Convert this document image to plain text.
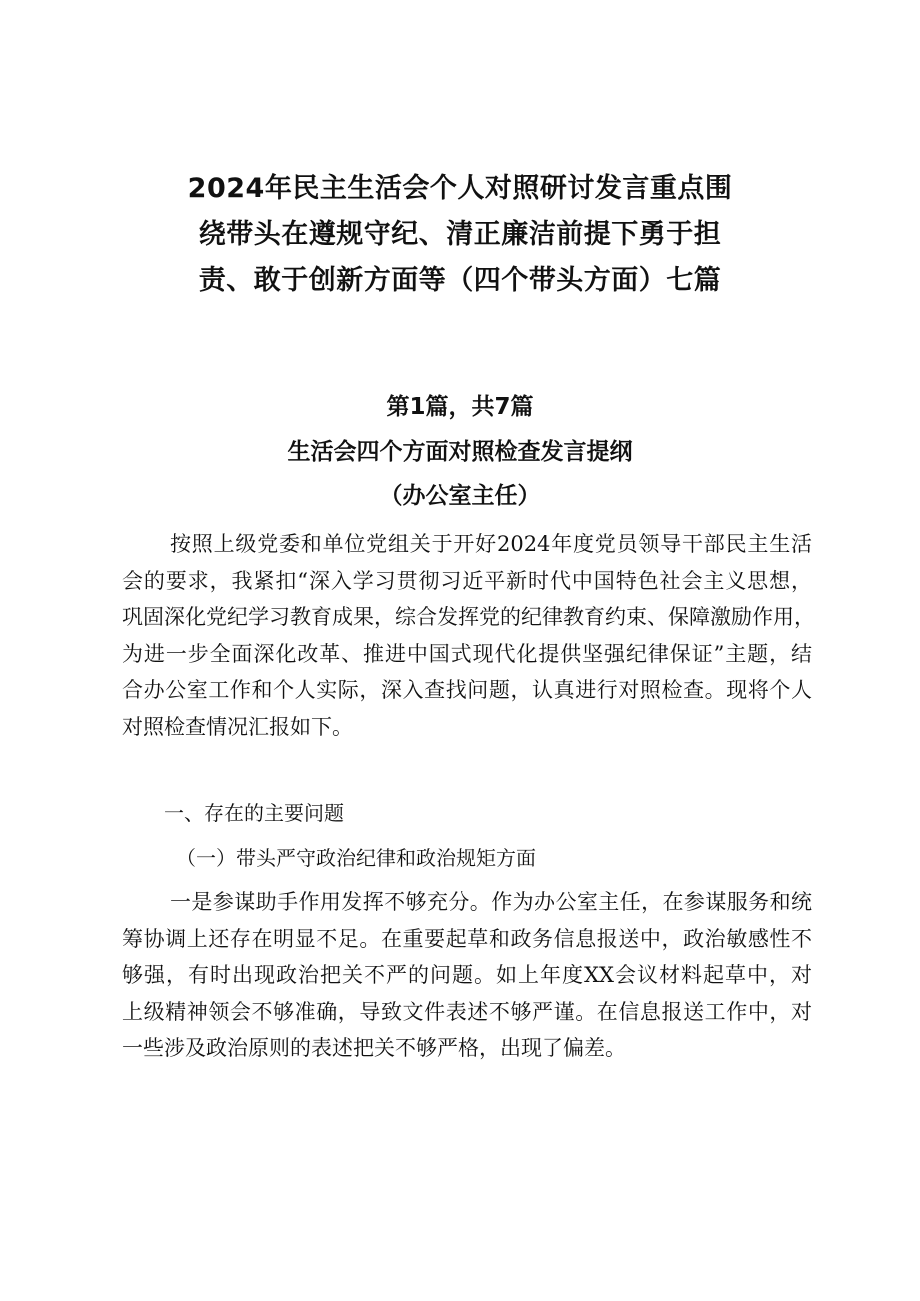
2024年民主生活会个人对照研讨发言重点围
绕带头在遵规守纪、清正廉洁前提下勇于担
责、敢于创新方面等（四个带头方面）七篇
第1篇，共7篇
生活会四个方面对照检查发言提纲
（办公室主任）
按照上级党委和单位党组关于开好2024年度党员领导干部民主生活
会的要求，我紧扣“深入学习贯彻习近平新时代中国特色社会主义思想，
巩固深化党纪学习教育成果，综合发挥党的纪律教育约束、保障激励作用，
为进一步全面深化改革、推进中国式现代化提供坚强纪律保证”主题，结
合办公室工作和个人实际，深入查找问题，认真进行对照检查。现将个人
对照检查情况汇报如下。
一、存在的主要问题
（一）带头严守政治纪律和政治规矩方面
一是参谋助手作用发挥不够充分。作为办公室主任，在参谋服务和统
筹协调上还存在明显不足。在重要起草和政务信息报送中，政治敏感性不
够强，有时出现政治把关不严的问题。如上年度XX会议材料起草中，对
上级精神领会不够准确，导致文件表述不够严谨。在信息报送工作中，对
一些涉及政治原则的表述把关不够严格，出现了偏差。
